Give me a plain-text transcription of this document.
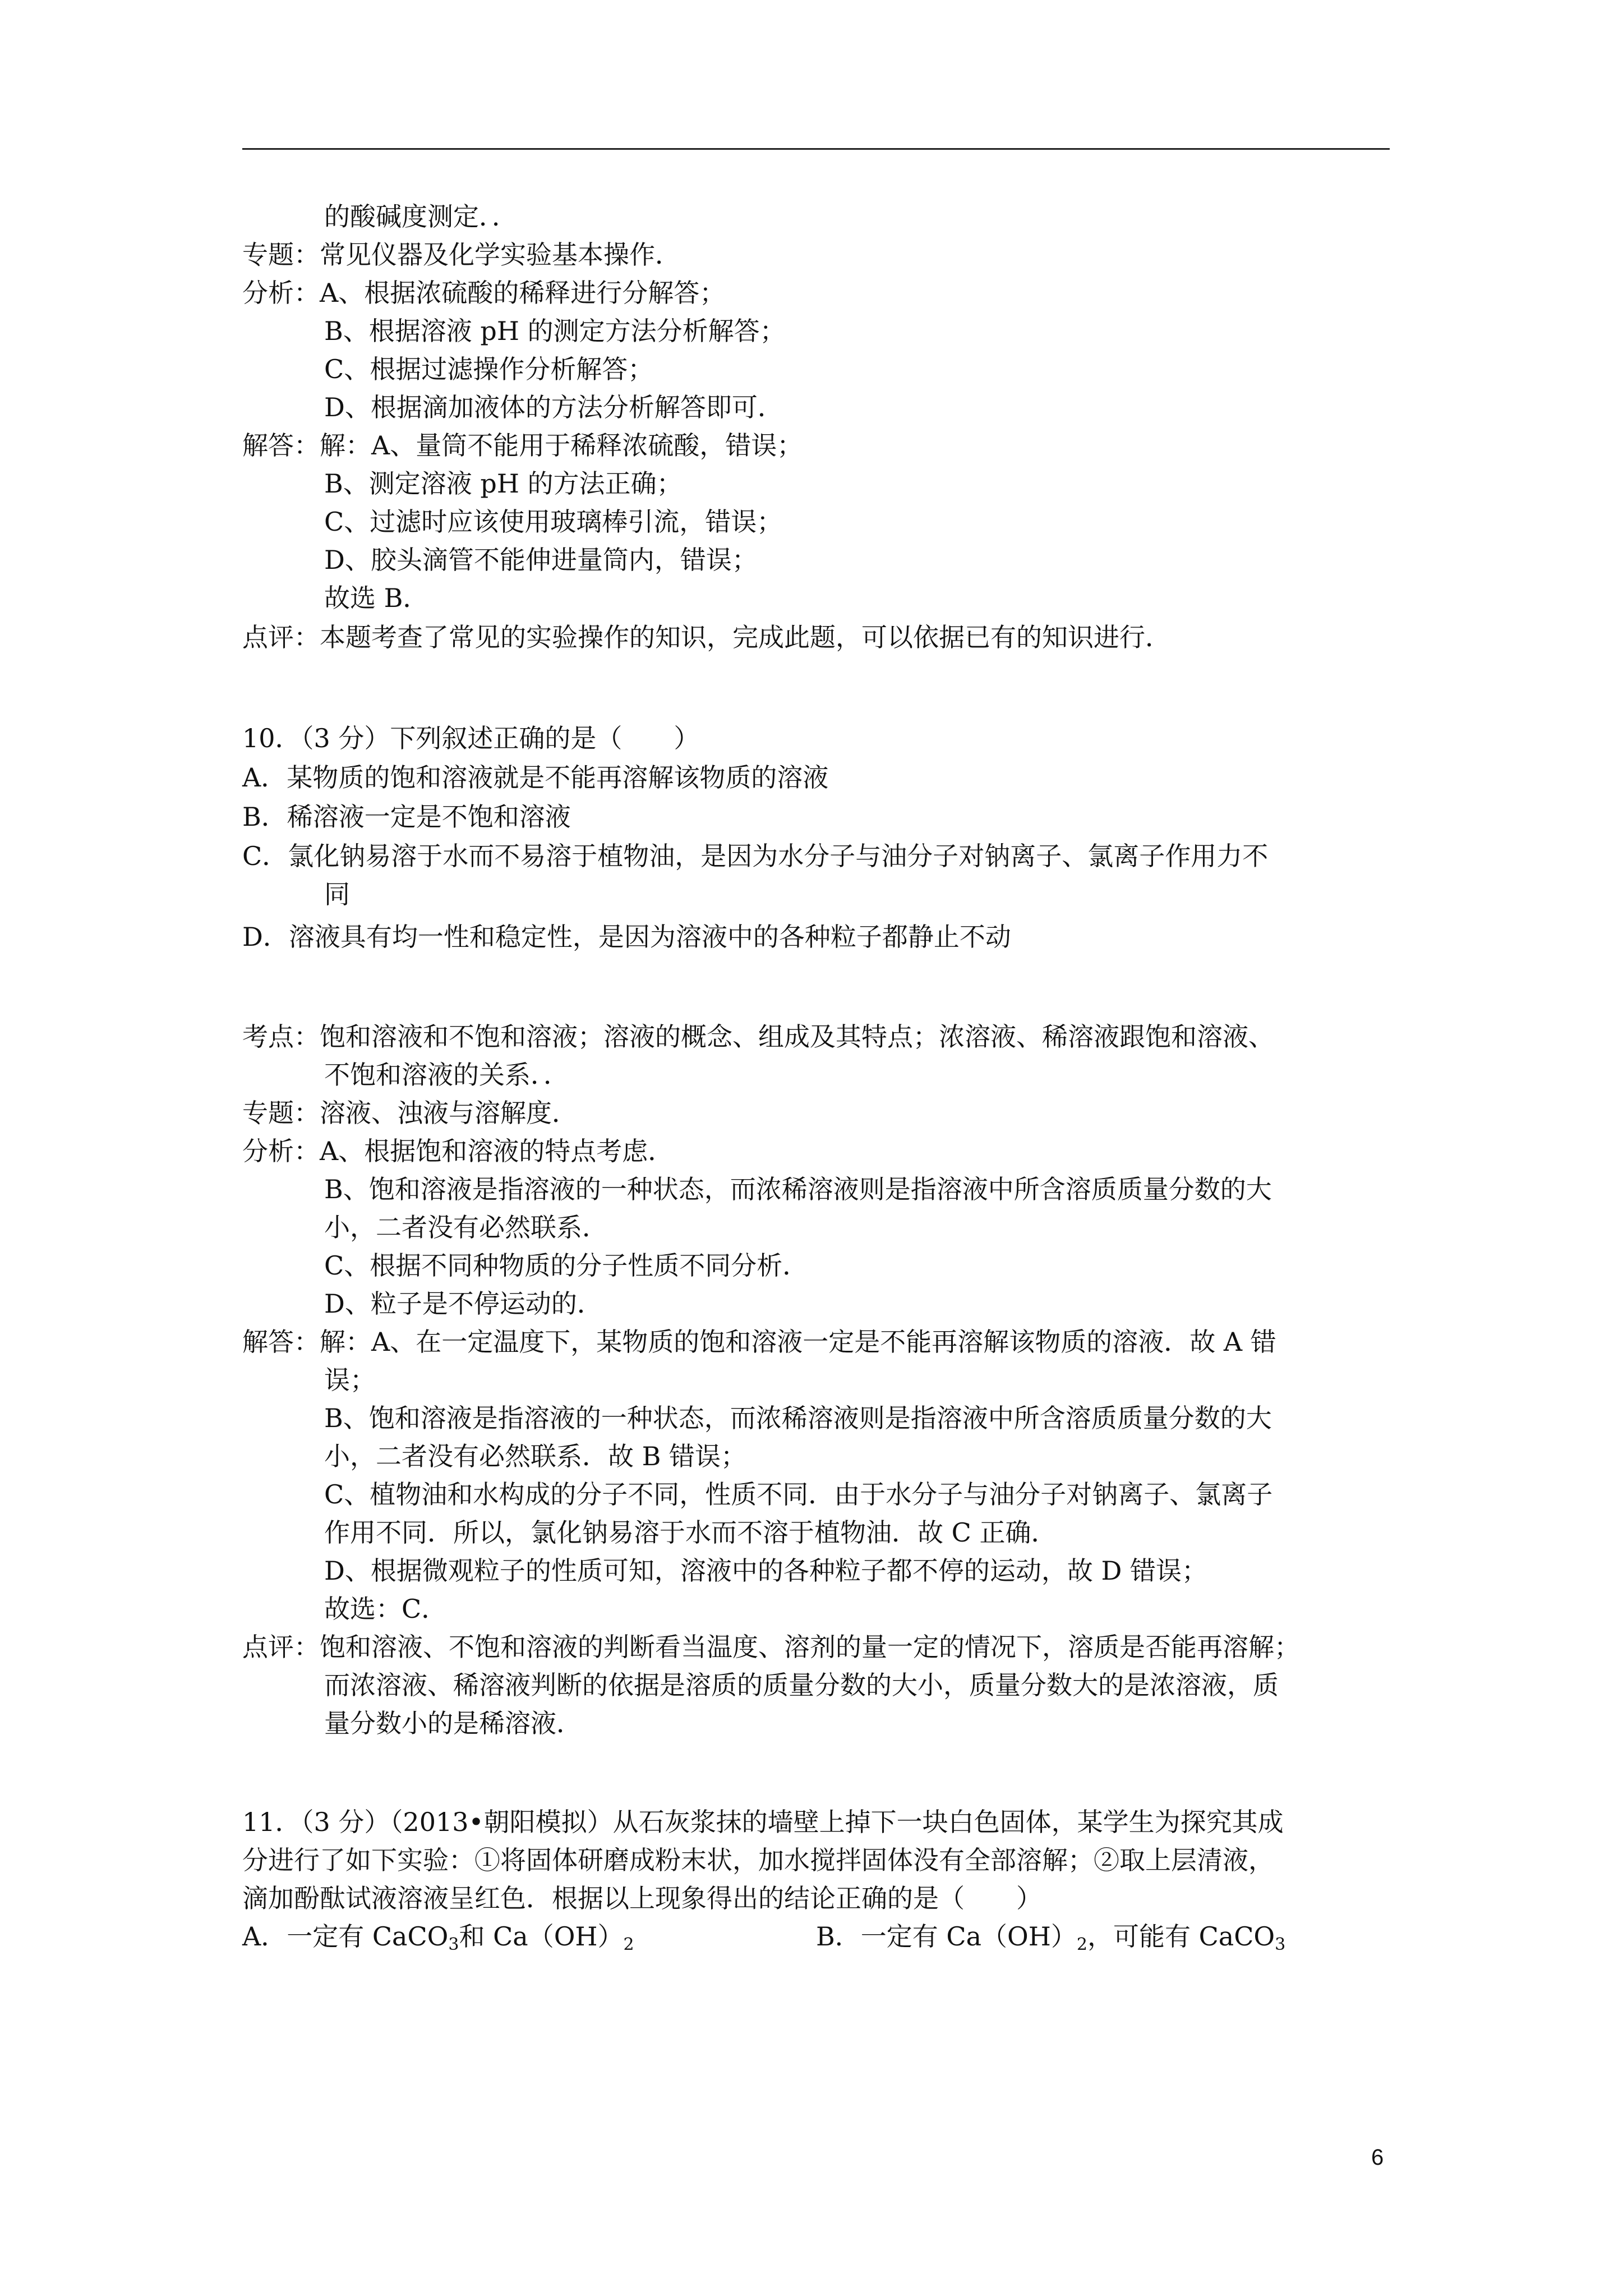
的酸碱度测定．．
专题：常见仪器及化学实验基本操作．
分析：A、根据浓硫酸的稀释进行分解答；
B、根据溶液 pH 的测定方法分析解答；
C、根据过滤操作分析解答；
D、根据滴加液体的方法分析解答即可．
解答：解：A、量筒不能用于稀释浓硫酸，错误；
B、测定溶液 pH 的方法正确；
C、过滤时应该使用玻璃棒引流，错误；
D、胶头滴管不能伸进量筒内，错误；
故选 B．
点评：本题考查了常见的实验操作的知识，完成此题，可以依据已有的知识进行．
10．（3 分）下列叙述正确的是（　　）
A．某物质的饱和溶液就是不能再溶解该物质的溶液
B．稀溶液一定是不饱和溶液
C．氯化钠易溶于水而不易溶于植物油，是因为水分子与油分子对钠离子、氯离子作用力不
同
D．溶液具有均一性和稳定性，是因为溶液中的各种粒子都静止不动
考点：饱和溶液和不饱和溶液；溶液的概念、组成及其特点；浓溶液、稀溶液跟饱和溶液、
不饱和溶液的关系．．
专题：溶液、浊液与溶解度．
分析：A、根据饱和溶液的特点考虑．
B、饱和溶液是指溶液的一种状态，而浓稀溶液则是指溶液中所含溶质质量分数的大
小，二者没有必然联系．
C、根据不同种物质的分子性质不同分析．
D、粒子是不停运动的．
解答：解：A、在一定温度下，某物质的饱和溶液一定是不能再溶解该物质的溶液．故 A 错
误；
B、饱和溶液是指溶液的一种状态，而浓稀溶液则是指溶液中所含溶质质量分数的大
小，二者没有必然联系．故 B 错误；
C、植物油和水构成的分子不同，性质不同．由于水分子与油分子对钠离子、氯离子
作用不同．所以，氯化钠易溶于水而不溶于植物油．故 C 正确．
D、根据微观粒子的性质可知，溶液中的各种粒子都不停的运动，故 D 错误；
故选：C．
点评：饱和溶液、不饱和溶液的判断看当温度、溶剂的量一定的情况下，溶质是否能再溶解；
而浓溶液、稀溶液判断的依据是溶质的质量分数的大小，质量分数大的是浓溶液，质
量分数小的是稀溶液．
11．（3 分）（2013•朝阳模拟）从石灰浆抹的墙壁上掉下一块白色固体，某学生为探究其成
分进行了如下实验：①将固体研磨成粉末状，加水搅拌固体没有全部溶解；②取上层清液，
滴加酚酞试液溶液呈红色．根据以上现象得出的结论正确的是（　　）
A．一定有 CaCO$_3$和 $Ca(OH)_2$	B．一定有 $Ca(OH)_2$，可能有 CaCO$_3$
6
